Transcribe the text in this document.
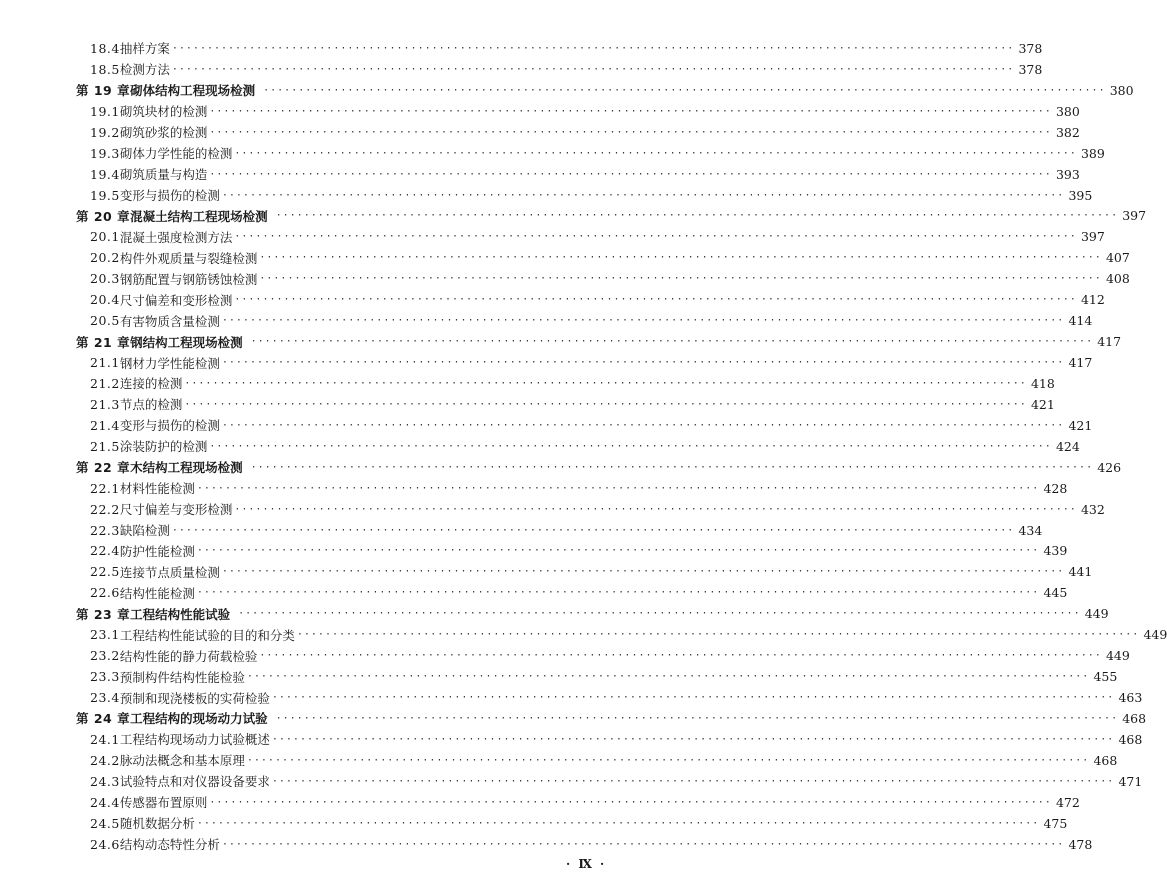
18.4 抽样方案 ························································································································ 378
18.5 检测方法 ························································································································ 378
第 19 章 砌体结构工程现场检测 ························································································································ 380
19.1 砌筑块材的检测 ························································································································ 380
19.2 砌筑砂浆的检测 ························································································································ 382
19.3 砌体力学性能的检测 ························································································································ 389
19.4 砌筑质量与构造 ························································································································ 393
19.5 变形与损伤的检测 ························································································································ 395
第 20 章 混凝土结构工程现场检测 ························································································································ 397
20.1 混凝土强度检测方法 ························································································································ 397
20.2 构件外观质量与裂缝检测 ························································································································ 407
20.3 钢筋配置与钢筋锈蚀检测 ························································································································ 408
20.4 尺寸偏差和变形检测 ························································································································ 412
20.5 有害物质含量检测 ························································································································ 414
第 21 章 钢结构工程现场检测 ························································································································ 417
21.1 钢材力学性能检测 ························································································································ 417
21.2 连接的检测 ························································································································ 418
21.3 节点的检测 ························································································································ 421
21.4 变形与损伤的检测 ························································································································ 421
21.5 涂装防护的检测 ························································································································ 424
第 22 章 木结构工程现场检测 ························································································································ 426
22.1 材料性能检测 ························································································································ 428
22.2 尺寸偏差与变形检测 ························································································································ 432
22.3 缺陷检测 ························································································································ 434
22.4 防护性能检测 ························································································································ 439
22.5 连接节点质量检测 ························································································································ 441
22.6 结构性能检测 ························································································································ 445
第 23 章 工程结构性能试验 ························································································································ 449
23.1 工程结构性能试验的目的和分类 ························································································································ 449
23.2 结构性能的静力荷载检验 ························································································································ 449
23.3 预制构件结构性能检验 ························································································································ 455
23.4 预制和现浇楼板的实荷检验 ························································································································ 463
第 24 章 工程结构的现场动力试验 ························································································································ 468
24.1 工程结构现场动力试验概述 ························································································································ 468
24.2 脉动法概念和基本原理 ························································································································ 468
24.3 试验特点和对仪器设备要求 ························································································································ 471
24.4 传感器布置原则 ························································································································ 472
24.5 随机数据分析 ························································································································ 475
24.6 结构动态特性分析 ························································································································ 478
· Ⅸ ·
